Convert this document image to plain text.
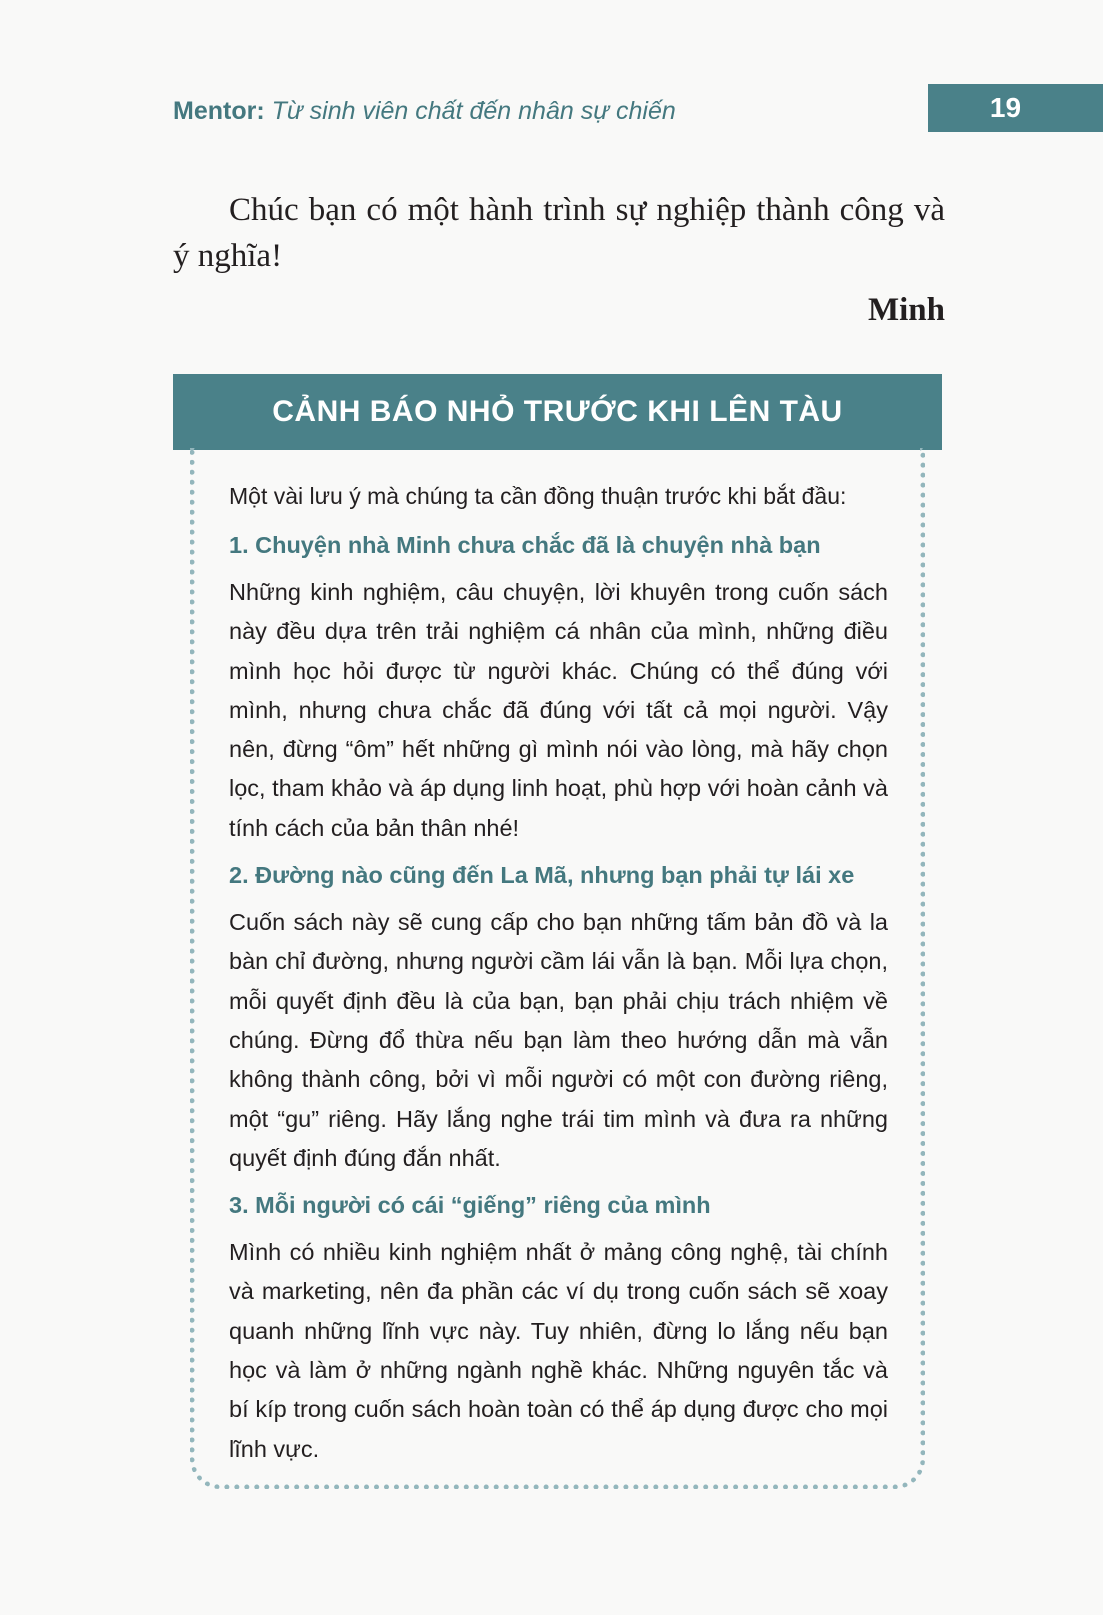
Mentor: Từ sinh viên chất đến nhân sự chiến	19

Chúc bạn có một hành trình sự nghiệp thành công và ý nghĩa!

Minh
CẢNH BÁO NHỎ TRƯỚC KHI LÊN TÀU

Một vài lưu ý mà chúng ta cần đồng thuận trước khi bắt đầu:

1. Chuyện nhà Minh chưa chắc đã là chuyện nhà bạn

Những kinh nghiệm, câu chuyện, lời khuyên trong cuốn sách này đều dựa trên trải nghiệm cá nhân của mình, những điều mình học hỏi được từ người khác. Chúng có thể đúng với mình, nhưng chưa chắc đã đúng với tất cả mọi người. Vậy nên, đừng “ôm” hết những gì mình nói vào lòng, mà hãy chọn lọc, tham khảo và áp dụng linh hoạt, phù hợp với hoàn cảnh và tính cách của bản thân nhé!

2. Đường nào cũng đến La Mã, nhưng bạn phải tự lái xe

Cuốn sách này sẽ cung cấp cho bạn những tấm bản đồ và la bàn chỉ đường, nhưng người cầm lái vẫn là bạn. Mỗi lựa chọn, mỗi quyết định đều là của bạn, bạn phải chịu trách nhiệm về chúng. Đừng đổ thừa nếu bạn làm theo hướng dẫn mà vẫn không thành công, bởi vì mỗi người có một con đường riêng, một “gu” riêng. Hãy lắng nghe trái tim mình và đưa ra những quyết định đúng đắn nhất.

3. Mỗi người có cái “giếng” riêng của mình

Mình có nhiều kinh nghiệm nhất ở mảng công nghệ, tài chính và marketing, nên đa phần các ví dụ trong cuốn sách sẽ xoay quanh những lĩnh vực này. Tuy nhiên, đừng lo lắng nếu bạn học và làm ở những ngành nghề khác. Những nguyên tắc và bí kíp trong cuốn sách hoàn toàn có thể áp dụng được cho mọi lĩnh vực.
